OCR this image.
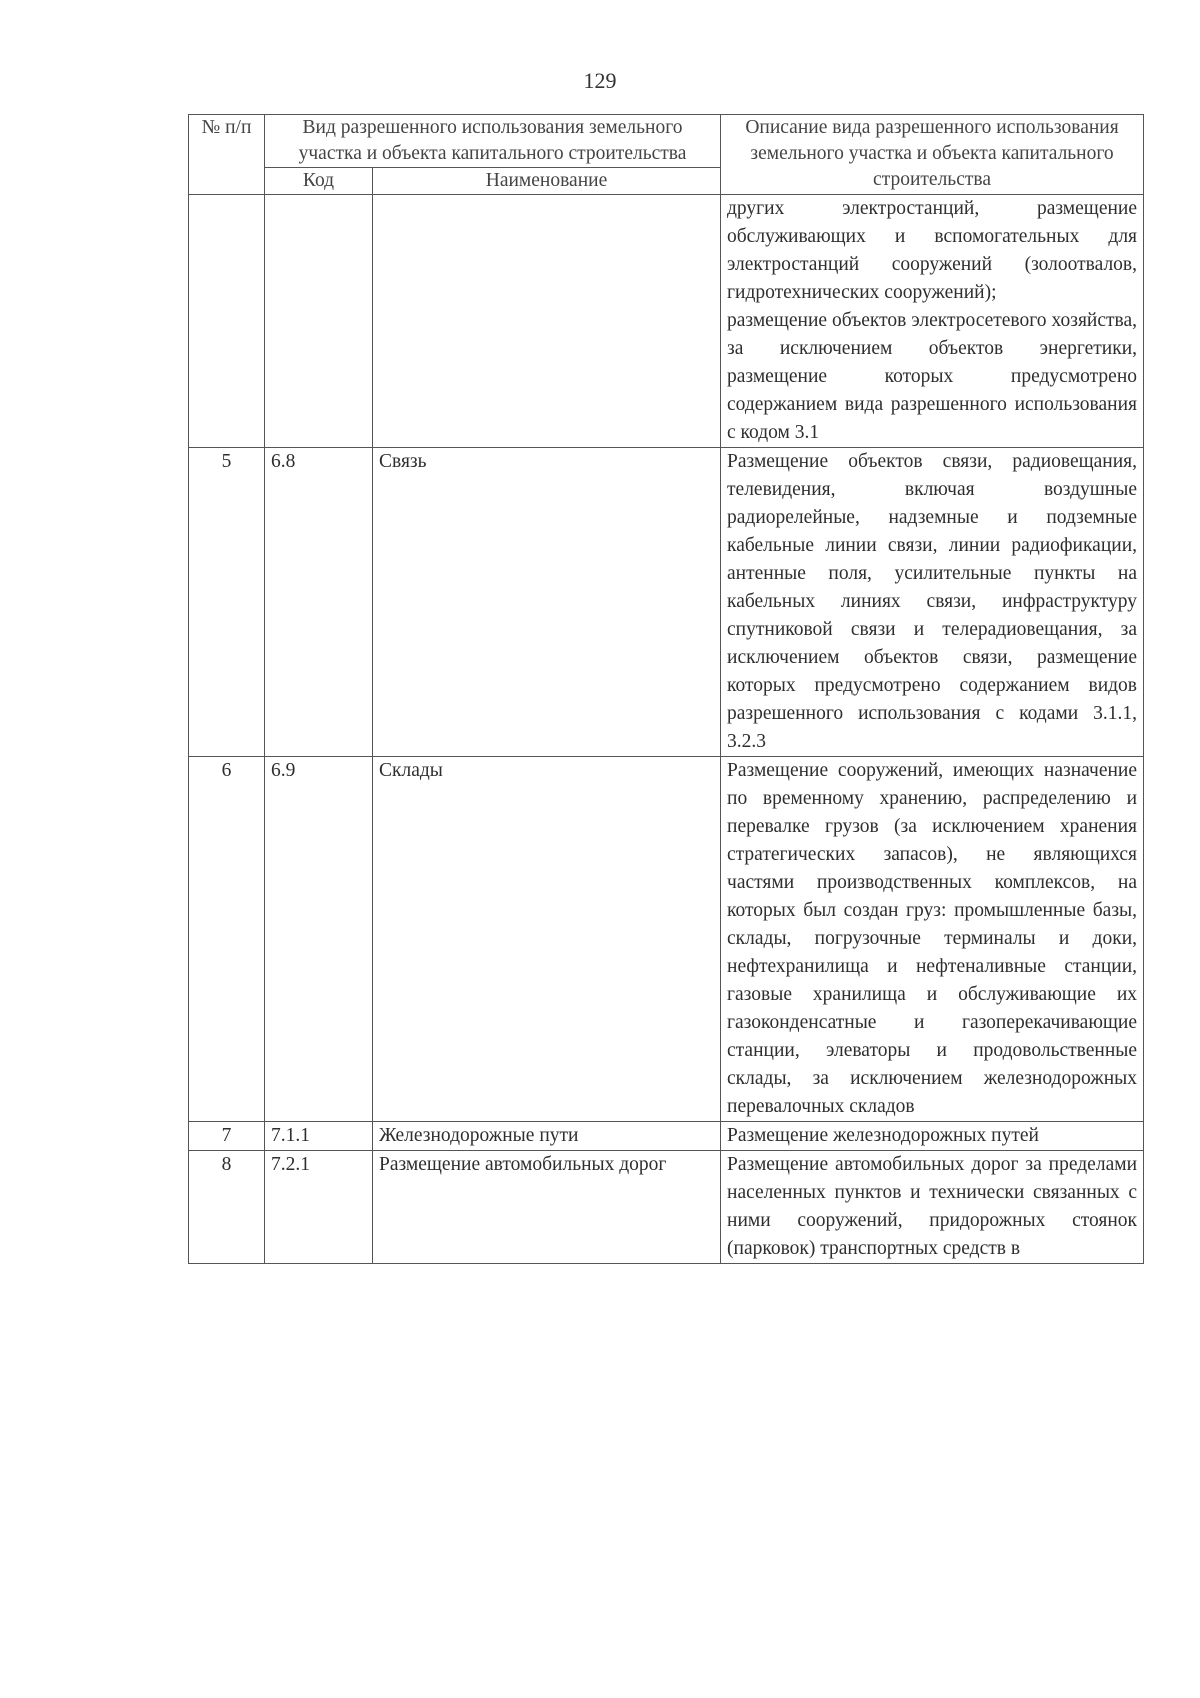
129
№ п/п	Вид разрешенного использования земельного участка и объекта капитального строительства		Описание вида разрешенного использования земельного участка и объекта капитального строительства
	Код	Наименование	

			других электростанций, размещение обслуживающих и вспомогательных для электростанций сооружений (золоотвалов, гидротехнических сооружений);

размещение объектов электросетевого хозяйства, за исключением объектов энергетики, размещение которых предусмотрено содержанием вида разрешенного использования с кодом 3.1

5	6.8	Связь	Размещение объектов связи, радиовещания, телевидения, включая воздушные радиорелейные, надземные и подземные кабельные линии связи, линии радиофикации, антенные поля, усилительные пункты на кабельных линиях связи, инфраструктуру спутниковой связи и телерадиовещания, за исключением объектов связи, размещение которых предусмотрено содержанием видов разрешенного использования с кодами 3.1.1, 3.2.3

6	6.9	Склады	Размещение сооружений, имеющих назначение по временному хранению, распределению и перевалке грузов (за исключением хранения стратегических запасов), не являющихся частями производственных комплексов, на которых был создан груз: промышленные базы, склады, погрузочные терминалы и доки, нефтехранилища и нефтеналивные станции, газовые хранилища и обслуживающие их газоконденсатные и газоперекачивающие станции, элеваторы и продовольственные склады, за исключением железнодорожных перевалочных складов

7	7.1.1	Железнодорожные пути	Размещение железнодорожных путей

8	7.2.1	Размещение автомобильных дорог	Размещение автомобильных дорог за пределами населенных пунктов и технически связанных с ними сооружений, придорожных стоянок (парковок) транспортных средств в
